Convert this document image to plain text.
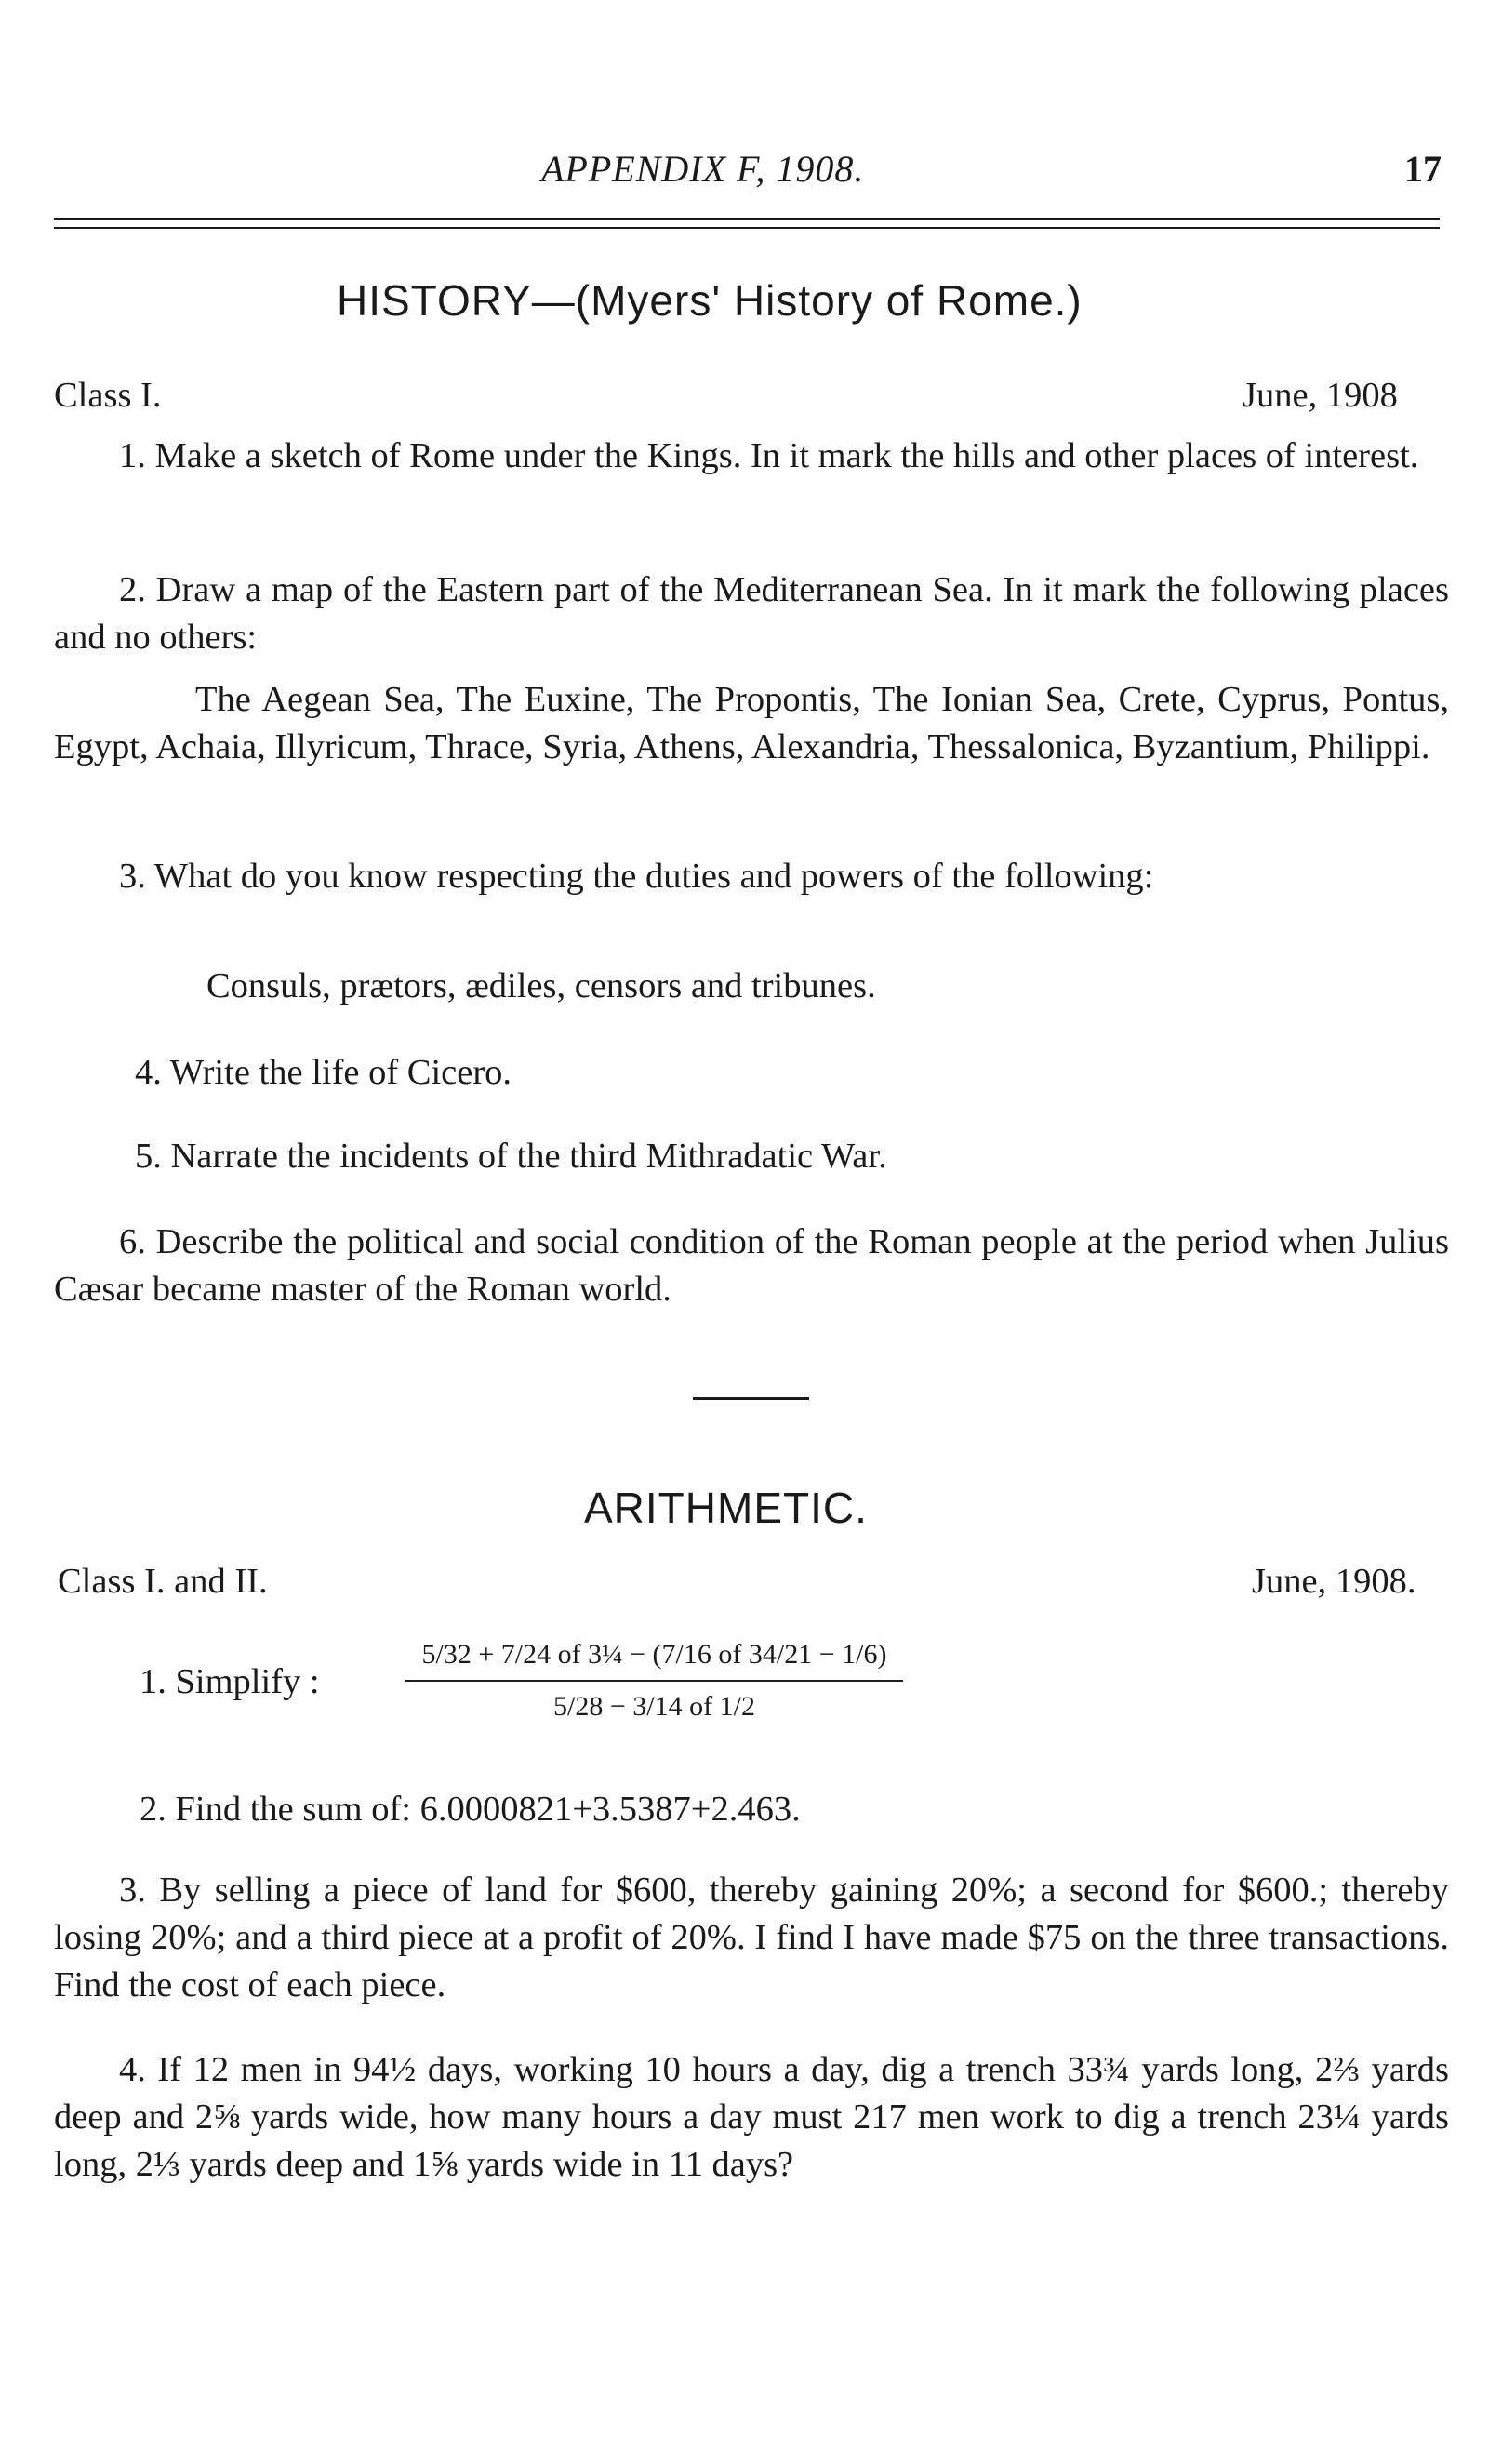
APPENDIX F, 1908.	17
HISTORY—(Myers' History of Rome.)
Class I.	June, 1908
1. Make a sketch of Rome under the Kings. In it mark the hills and other places of interest.
2. Draw a map of the Eastern part of the Mediterranean Sea. In it mark the following places and no others:
The Aegean Sea, The Euxine, The Propontis, The Ionian Sea, Crete, Cyprus, Pontus, Egypt, Achaia, Illyricum, Thrace, Syria, Athens, Alexandria, Thessalonica, Byzantium, Philippi.
3. What do you know respecting the duties and powers of the following:
Consuls, prætors, ædiles, censors and tribunes.
4. Write the life of Cicero.
5. Narrate the incidents of the third Mithradatic War.
6. Describe the political and social condition of the Roman people at the period when Julius Cæsar became master of the Roman world.
ARITHMETIC.
Class I. and II.	June, 1908.
1. Simplify :
5/32 + 7/24 of 3¼ − (7/16 of 34/21 − 1/6)
5/28 − 3/14 of 1/2
2. Find the sum of: 6.0000821+3.5387+2.463.
3. By selling a piece of land for $600, thereby gaining 20%; a second for $600.; thereby losing 20%; and a third piece at a profit of 20%. I find I have made $75 on the three transactions. Find the cost of each piece.
4. If 12 men in 94½ days, working 10 hours a day, dig a trench 33¾ yards long, 2⅔ yards deep and 2⅝ yards wide, how many hours a day must 217 men work to dig a trench 23¼ yards long, 2⅓ yards deep and 1⅝ yards wide in 11 days?
